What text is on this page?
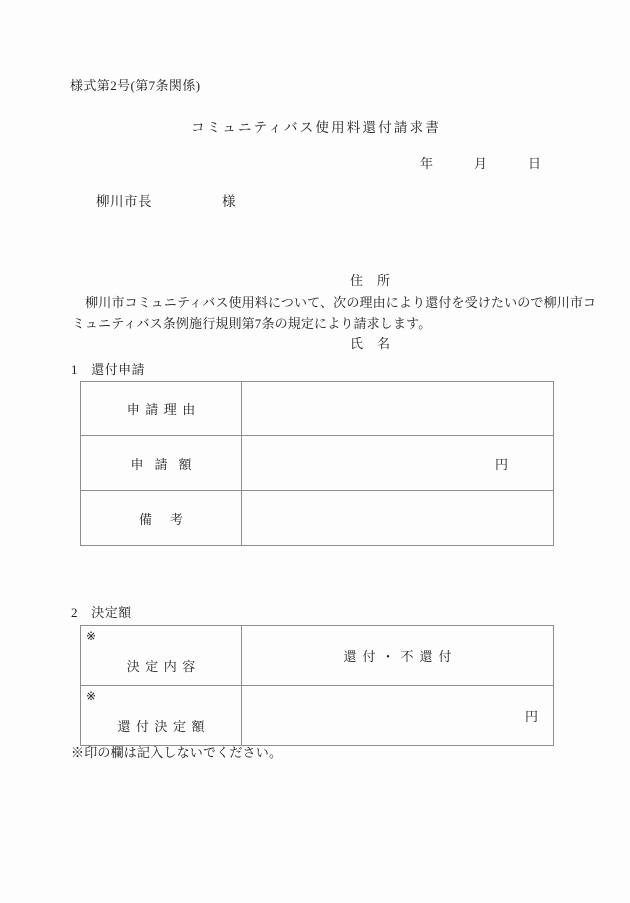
様式第2号(第7条関係)
コミュニティバス使用料還付請求書
年　　　月　　　日
柳川市長　　　　　様

住　所

氏　名

　柳川市コミュニティバス使用料について、次の理由により還付を受けたいので柳川市コ
ミュニティバス条例施行規則第7条の規定により請求します。
1　還付申請
申請理由	
申請額	円
備考	
2　決定額
※
決定内容	還付・不還付

※
還付決定額	円
※印の欄は記入しないでください。
